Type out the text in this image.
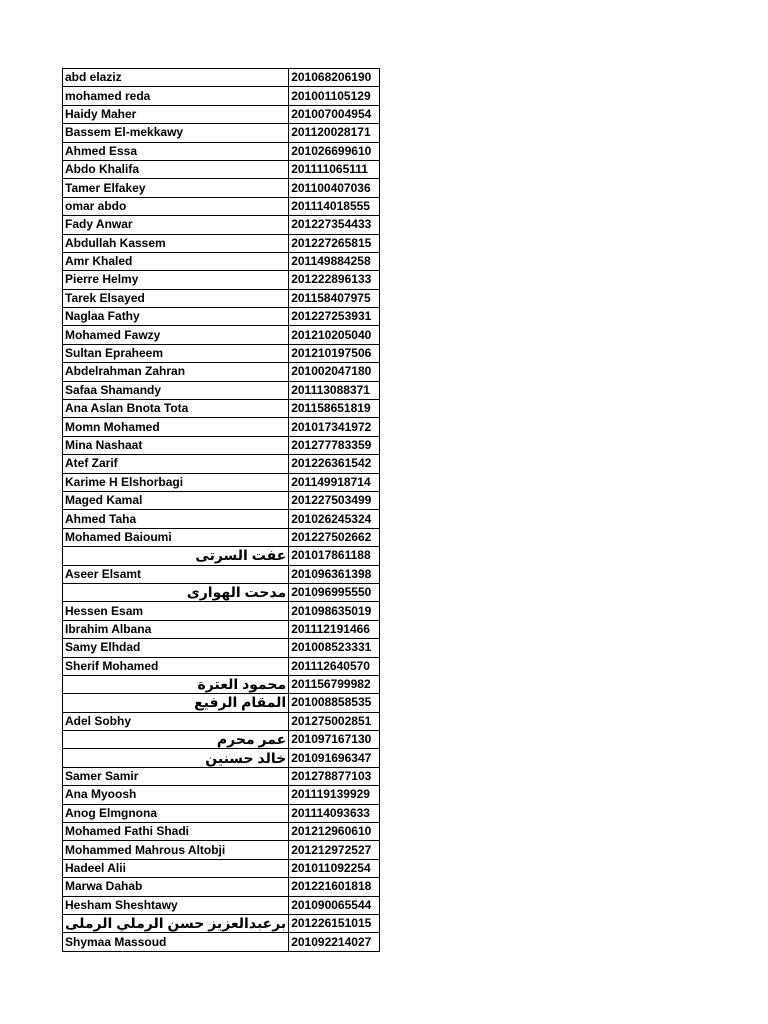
abd elaziz	201068206190
mohamed reda	201001105129
Haidy Maher	201007004954
Bassem El-mekkawy	201120028171
Ahmed Essa	201026699610
Abdo Khalifa	201111065111
Tamer Elfakey	201100407036
omar abdo	201114018555
Fady Anwar	201227354433
Abdullah Kassem	201227265815
Amr Khaled	201149884258
Pierre Helmy	201222896133
Tarek Elsayed	201158407975
Naglaa Fathy	201227253931
Mohamed Fawzy	201210205040
Sultan Epraheem	201210197506
Abdelrahman Zahran	201002047180
Safaa Shamandy	201113088371
Ana Aslan Bnota Tota	201158651819
Momn Mohamed	201017341972
Mina Nashaat	201277783359
Atef Zarif	201226361542
Karime H Elshorbagi	201149918714
Maged Kamal	201227503499
Ahmed Taha	201026245324
Mohamed Baioumi	201227502662
عفت السرتى	201017861188
Aseer Elsamt	201096361398
مدحت الهوارى	201096995550
Hessen Esam	201098635019
Ibrahim Albana	201112191466
Samy Elhdad	201008523331
Sherif Mohamed	201112640570
محمود العترة	201156799982
المقام الرفيع	201008858535
Adel Sobhy	201275002851
عمر محرم	201097167130
خالد حسنين	201091696347
Samer Samir	201278877103
Ana Myoosh	201119139929
Anog Elmgnona	201114093633
Mohamed Fathi Shadi	201212960610
Mohammed Mahrous Altobji	201212972527
Hadeel Alii	201011092254
Marwa Dahab	201221601818
Hesham Sheshtawy	201090065544
برعبدالعزيز حسن الرملي الرملى	201226151015
Shymaa Massoud	201092214027
